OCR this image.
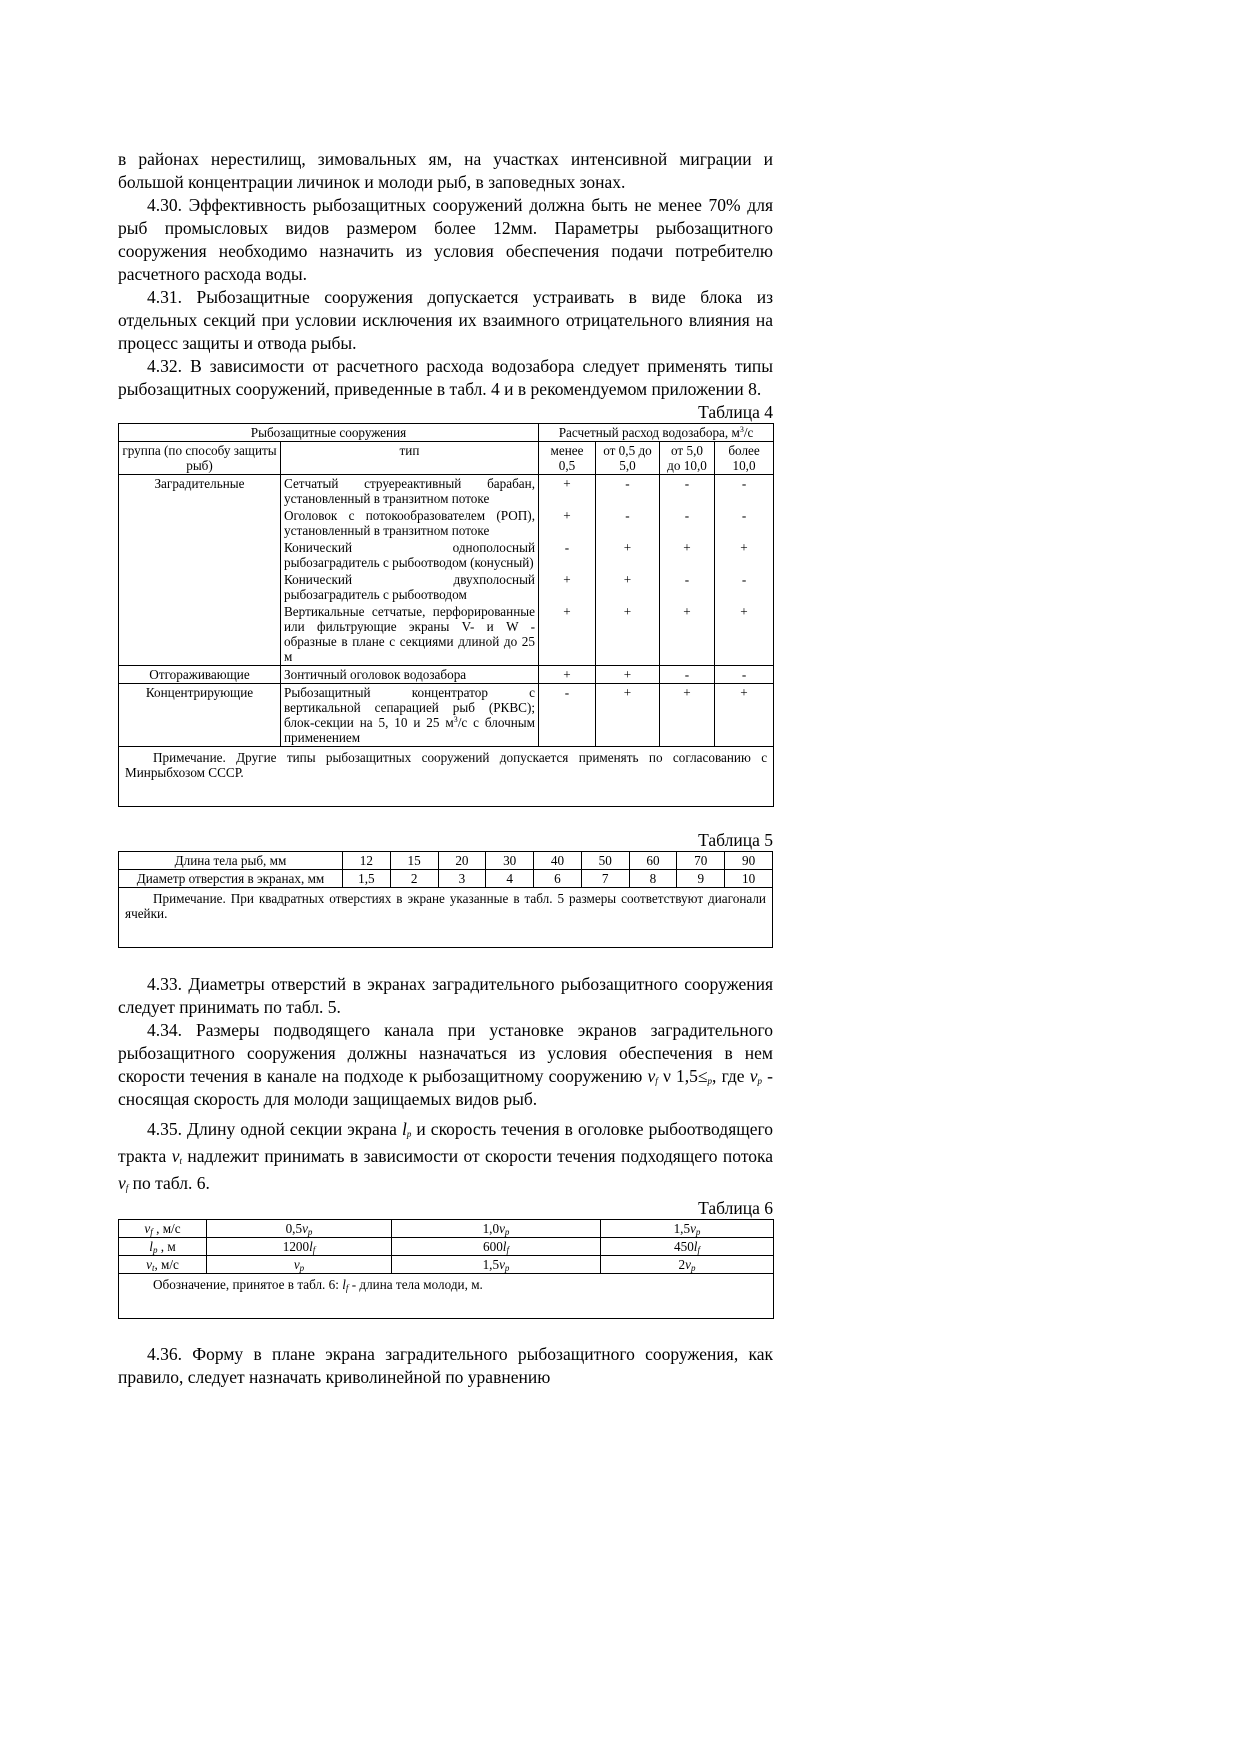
в районах нерестилищ, зимовальных ям, на участках интенсивной миграции и большой концентрации личинок и молоди рыб, в заповедных зонах.

4.30. Эффективность рыбозащитных сооружений должна быть не менее 70% для рыб промысловых видов размером более 12мм. Параметры рыбозащитного сооружения необходимо назначить из условия обеспечения подачи потребителю расчетного расхода воды.

4.31. Рыбозащитные сооружения допускается устраивать в виде блока из отдельных секций при условии исключения их взаимного отрицательного влияния на процесс защиты и отвода рыбы.

4.32. В зависимости от расчетного расхода водозабора следует применять типы рыбозащитных сооружений, приведенные в табл. 4 и в рекомендуемом приложении 8.

Таблица 4

Рыбозащитные сооружения		Расчетный расход водозабора, $м^3/с$			
группа (по способу защиты рыб)	тип	менее 0,5	от 0,5 до 5,0	от 5,0 до 10,0	более 10,0
Заградительные	Сетчатый струереактивный барабан, установленный в транзитном потоке	+	-	-	-
	Оголовок с потокообразователем (РОП), установленный в транзитном потоке	+	-	-	-
	Конический однополосный рыбозаградитель с рыбоотводом (конусный)	-	+	+	+
	Конический двухполосный рыбозаградитель с рыбоотводом	+	+	-	-
	Вертикальные сетчатые, перфорированные или фильтрующие экраны V- и W - образные в плане с секциями длиной до 25 м	+	+	+	+
Отгораживающие	Зонтичный оголовок водозабора	+	+	-	-
Концентрирующие	Рыбозащитный концентратор с вертикальной сепарацией рыб (РКВС); блок-секции на 5, 10 и 25 $м^3/с$ с блочным применением	-	+	+	+
Примечание. Другие типы рыбозащитных сооружений допускается применять по согласованию с Минрыбхозом СССР.					

Таблица 5

Длина тела рыб, мм	12	15	20	30	40	50	60	70	90
Диаметр отверстия в экранах, мм	1,5	2	3	4	6	7	8	9	10
Примечание. При квадратных отверстиях в экране указанные в табл. 5 размеры соответствуют диагонали ячейки.									

4.33. Диаметры отверстий в экранах заградительного рыбозащитного сооружения следует принимать по табл. 5.

4.34. Размеры подводящего канала при установке экранов заградительного рыбозащитного сооружения должны назначаться из условия обеспечения в нем скорости течения в канале на подходе к рыбозащитному сооружению $v_f$ ν $1,5\le_p$, где $v_p$ - сносящая скорость для молоди защищаемых видов рыб.

4.35. Длину одной секции экрана $l_p$ и скорость течения в оголовке рыбоотводящего тракта $v_t$ надлежит принимать в зависимости от скорости течения подходящего потока $v_f$ по табл. 6.

Таблица 6

$v_f$ , м/с	$0,5v_p$	$1,0v_p$	$1,5v_p$
$l_p$ , м	$1200l_f$	$600l_f$	$450l_f$
$v_t$, м/с	$v_p$	$1,5v_p$	$2v_p$
Обозначение, принятое в табл. 6: $l_f$ - длина тела молоди, м.			

4.36. Форму в плане экрана заградительного рыбозащитного сооружения, как правило, следует назначать криволинейной по уравнению
